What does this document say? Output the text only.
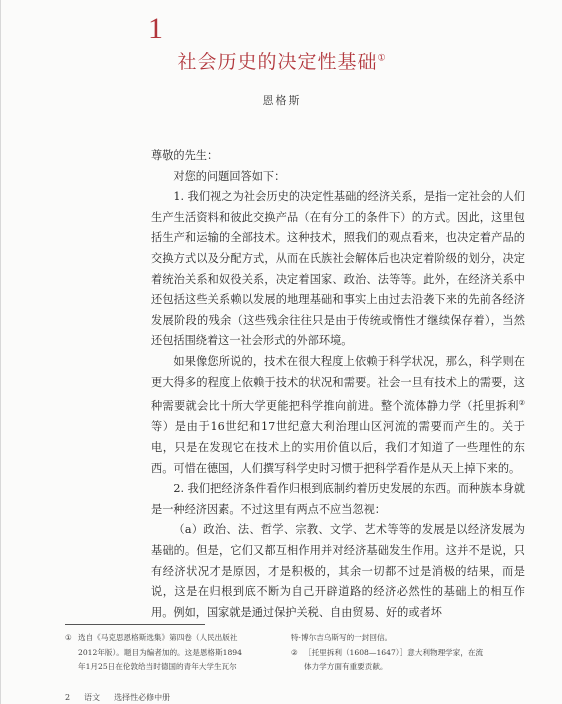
1
社会历史的决定性基础①
恩格斯

尊敬的先生：

对您的问题回答如下：

1. 我们视之为社会历史的决定性基础的经济关系，是指一定社会的人们生产生活资料和彼此交换产品（在有分工的条件下）的方式。因此，这里包括生产和运输的全部技术。这种技术，照我们的观点看来，也决定着产品的交换方式以及分配方式，从而在氏族社会解体后也决定着阶级的划分，决定着统治关系和奴役关系，决定着国家、政治、法等等。此外，在经济关系中还包括这些关系赖以发展的地理基础和事实上由过去沿袭下来的先前各经济发展阶段的残余（这些残余往往只是由于传统或惰性才继续保存着），当然还包括围绕着这一社会形式的外部环境。

如果像您所说的，技术在很大程度上依赖于科学状况，那么，科学则在更大得多的程度上依赖于技术的状况和需要。社会一旦有技术上的需要，这种需要就会比十所大学更能把科学推向前进。整个流体静力学（托里拆利②等）是由于16世纪和17世纪意大利治理山区河流的需要而产生的。关于电，只是在发现它在技术上的实用价值以后，我们才知道了一些理性的东西。可惜在德国，人们撰写科学史时习惯于把科学看作是从天上掉下来的。

2. 我们把经济条件看作归根到底制约着历史发展的东西。而种族本身就是一种经济因素。不过这里有两点不应当忽视：

（a）政治、法、哲学、宗教、文学、艺术等等的发展是以经济发展为基础的。但是，它们又都互相作用并对经济基础发生作用。这并不是说，只有经济状况才是原因，才是积极的，其余一切都不过是消极的结果，而是说，这是在归根到底不断为自己开辟道路的经济必然性的基础上的相互作用。例如，国家就是通过保护关税、自由贸易、好的或者坏

① 选自《马克思恩格斯选集》第四卷（人民出版社
2012年版）。题目为编者加的。这是恩格斯1894
年1月25日在伦敦给当时德国的青年大学生瓦尔
特·博尔吉乌斯写的一封回信。
② ［托里拆利（1608—1647）］意大利物理学家，在流
体力学方面有重要贡献。
2 语文 选择性必修中册
